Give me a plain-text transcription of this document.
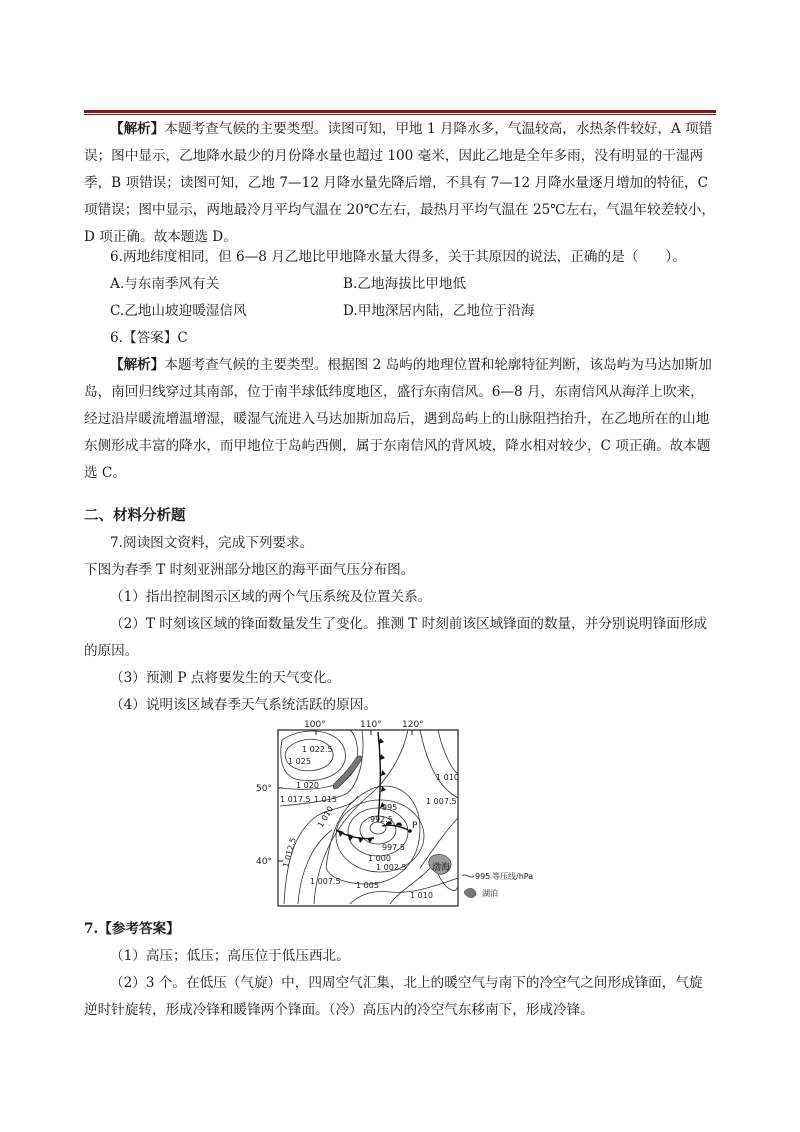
【解析】本题考查气候的主要类型。读图可知，甲地 1 月降水多，气温较高，水热条件较好，A 项错误；图中显示，乙地降水最少的月份降水量也超过 100 毫米，因此乙地是全年多雨，没有明显的干湿两季，B 项错误；读图可知，乙地 7—12 月降水量先降后增，不具有 7—12 月降水量逐月增加的特征，C 项错误；图中显示，两地最冷月平均气温在 20℃左右，最热月平均气温在 25℃左右，气温年较差较小，D 项正确。故本题选 D。

6.两地纬度相同，但 6—8 月乙地比甲地降水量大得多，关于其原因的说法，正确的是（　　）。

A.与东南季风有关	B.乙地海拔比甲地低

C.乙地山坡迎暖湿信风	D.甲地深居内陆，乙地位于沿海

6.【答案】C

【解析】本题考查气候的主要类型。根据图 2 岛屿的地理位置和轮廓特征判断，该岛屿为马达加斯加岛，南回归线穿过其南部，位于南半球低纬度地区，盛行东南信风。6—8 月，东南信风从海洋上吹来，经过沿岸暖流增温增湿，暖湿气流进入马达加斯加岛后，遇到岛屿上的山脉阻挡抬升，在乙地所在的山地东侧形成丰富的降水，而甲地位于岛屿西侧，属于东南信风的背风坡，降水相对较少，C 项正确。故本题选 C。

二、材料分析题

7.阅读图文资料，完成下列要求。

下图为春季 T 时刻亚洲部分地区的海平面气压分布图。

（1）指出控制图示区域的两个气压系统及位置关系。

（2）T 时刻该区域的锋面数量发生了变化。推测 T 时刻前该区域锋面的数量，并分别说明锋面形成的原因。

（3）预测 P 点将要发生的天气变化。

（4）说明该区域春季天气系统活跃的原因。

100°	110° 120°
50°
40°
P
渤海
1 022.5
1 025
1 020
1 017.5 1 015
1 010
1 012.5
1 007.5 1 005
1 010
1 010
1 007.5
995
992.5
997.5
1 000
1 002.5
995 等压线/hPa
湖泊

7.【参考答案】

（1）高压；低压；高压位于低压西北。

（2）3 个。在低压（气旋）中，四周空气汇集，北上的暖空气与南下的冷空气之间形成锋面，气旋逆时针旋转，形成冷锋和暖锋两个锋面。（冷）高压内的冷空气东移南下，形成冷锋。
